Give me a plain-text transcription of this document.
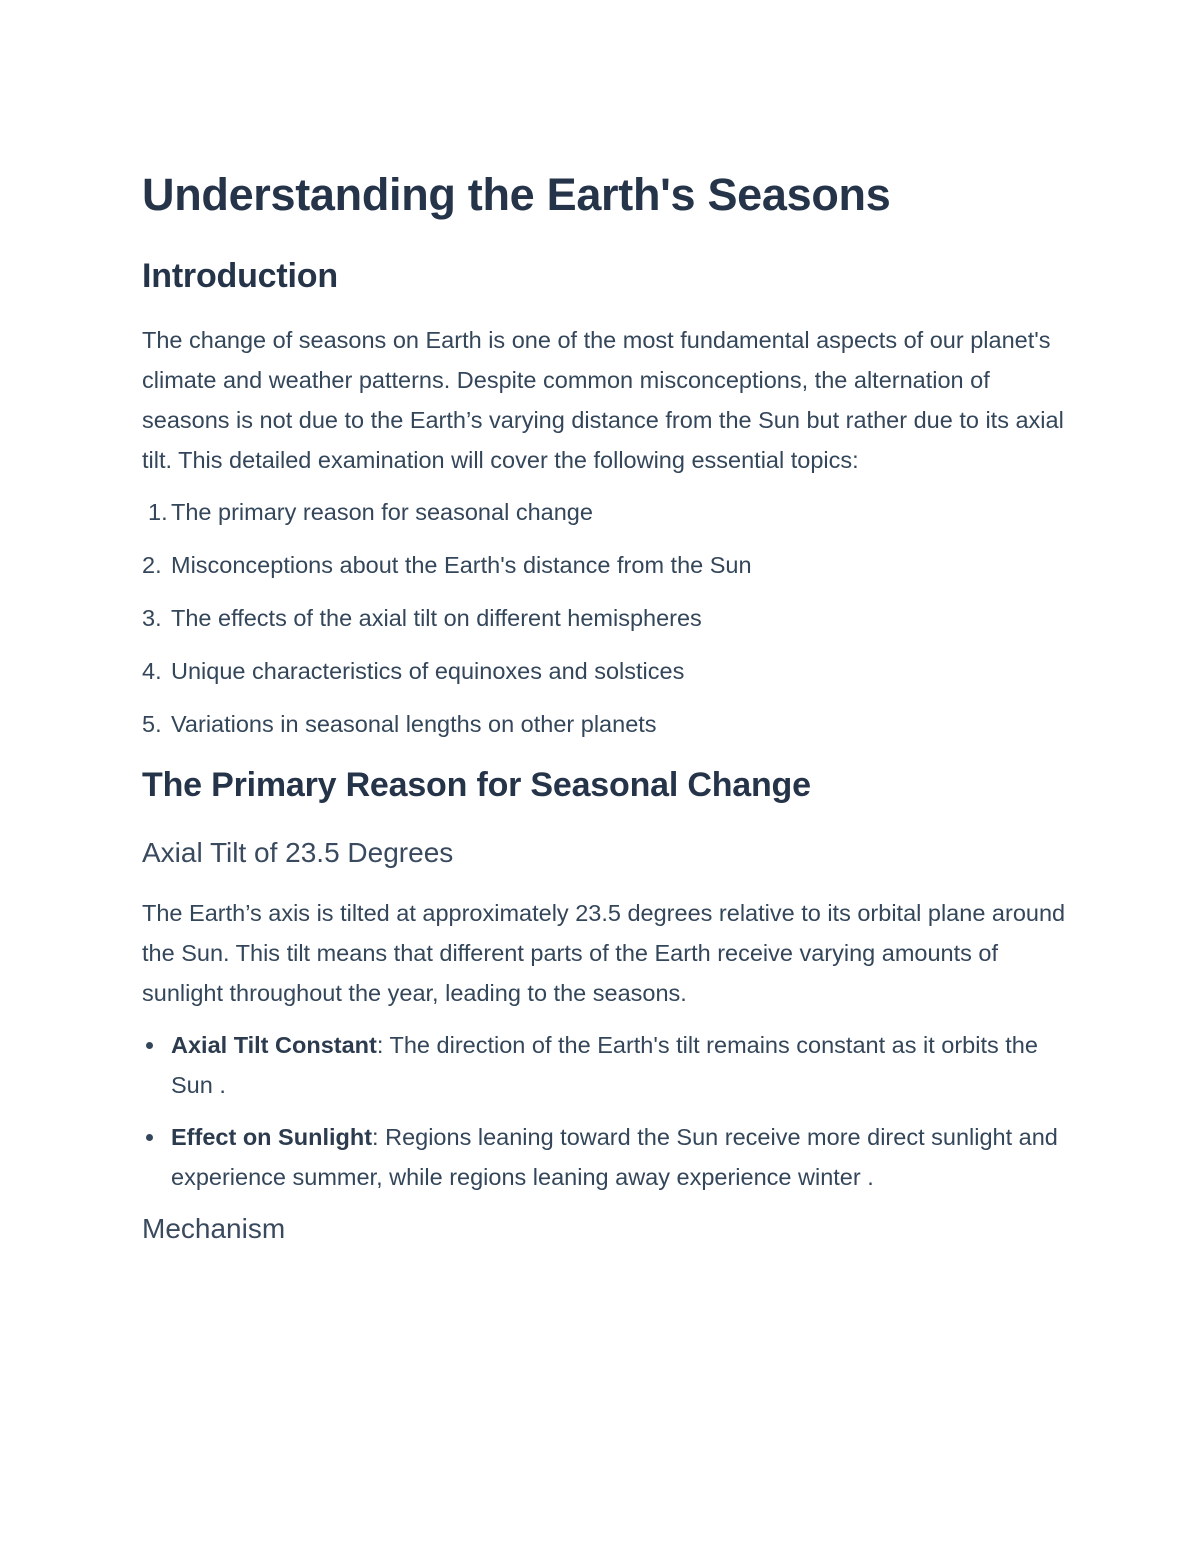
Understanding the Earth's Seasons
Introduction

The change of seasons on Earth is one of the most fundamental aspects of our planet's climate and weather patterns. Despite common misconceptions, the alternation of seasons is not due to the Earth’s varying distance from the Sun but rather due to its axial tilt. This detailed examination will cover the following essential topics:

1. The primary reason for seasonal change
2. Misconceptions about the Earth's distance from the Sun
3. The effects of the axial tilt on different hemispheres
4. Unique characteristics of equinoxes and solstices
5. Variations in seasonal lengths on other planets
The Primary Reason for Seasonal Change
Axial Tilt of 23.5 Degrees

The Earth’s axis is tilted at approximately 23.5 degrees relative to its orbital plane around the Sun. This tilt means that different parts of the Earth receive varying amounts of sunlight throughout the year, leading to the seasons.

Axial Tilt Constant: The direction of the Earth's tilt remains constant as it orbits the Sun .
Effect on Sunlight: Regions leaning toward the Sun receive more direct sunlight and experience summer, while regions leaning away experience winter .
Mechanism
